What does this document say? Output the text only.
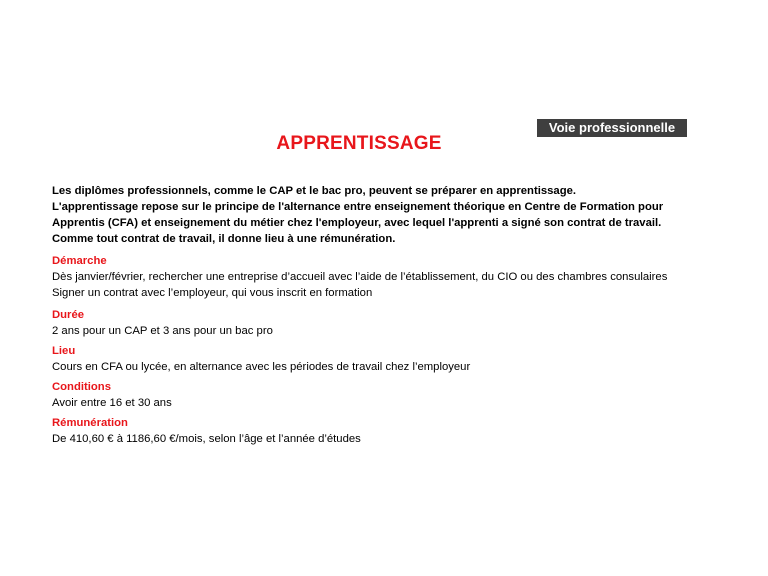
Voie professionnelle
APPRENTISSAGE

Les diplômes professionnels, comme le CAP et le bac pro, peuvent se préparer en apprentissage.

L'apprentissage repose sur le principe de l'alternance entre enseignement théorique en Centre de Formation pour

Apprentis (CFA) et enseignement du métier chez l'employeur, avec lequel l'apprenti a signé son contrat de travail.

Comme tout contrat de travail, il donne lieu à une rémunération.

Démarche

Dès janvier/février, rechercher une entreprise d’accueil avec l’aide de l’établissement, du CIO ou des chambres consulaires

Signer un contrat avec l’employeur, qui vous inscrit en formation

Durée

2 ans pour un CAP et 3 ans pour un bac pro

Lieu

Cours en CFA ou lycée, en alternance avec les périodes de travail chez l’employeur

Conditions

Avoir entre 16 et 30 ans

Rémunération

De 410,60 € à 1186,60 €/mois, selon l’âge et l’année d’études
